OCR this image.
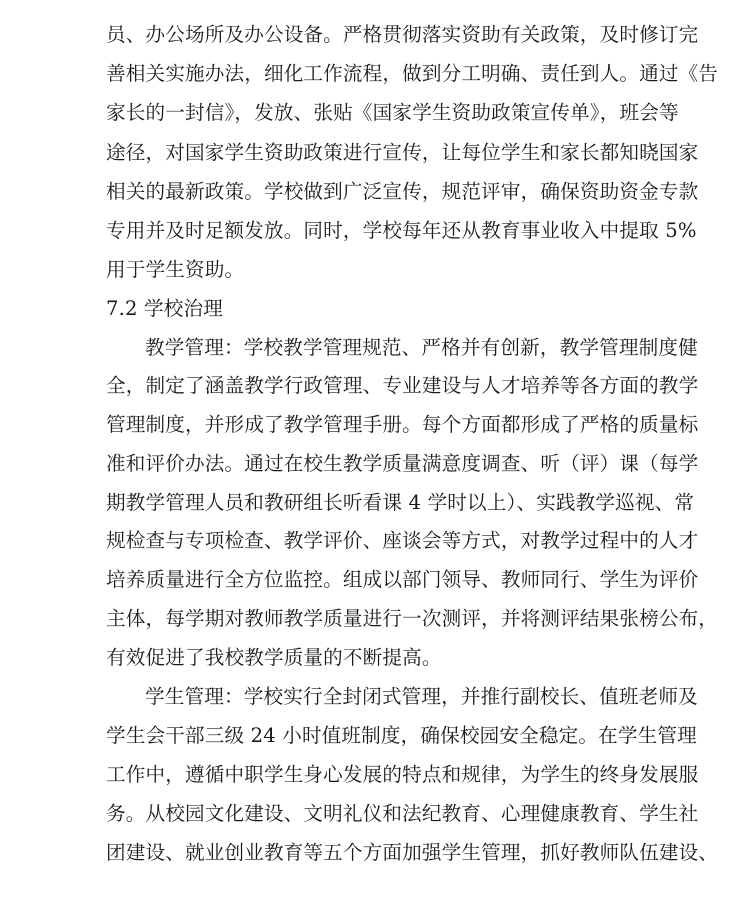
员、办公场所及办公设备。严格贯彻落实资助有关政策，及时修订完
善相关实施办法，细化工作流程，做到分工明确、责任到人。通过《告
家长的一封信》，发放、张贴《国家学生资助政策宣传单》，班会等
途径，对国家学生资助政策进行宣传，让每位学生和家长都知晓国家
相关的最新政策。学校做到广泛宣传，规范评审，确保资助资金专款
专用并及时足额发放。同时，学校每年还从教育事业收入中提取 5%
用于学生资助。
7.2 学校治理
教学管理：学校教学管理规范、严格并有创新，教学管理制度健
全，制定了涵盖教学行政管理、专业建设与人才培养等各方面的教学
管理制度，并形成了教学管理手册。每个方面都形成了严格的质量标
准和评价办法。通过在校生教学质量满意度调查、听（评）课（每学
期教学管理人员和教研组长听看课 4 学时以上）、实践教学巡视、常
规检查与专项检查、教学评价、座谈会等方式，对教学过程中的人才
培养质量进行全方位监控。组成以部门领导、教师同行、学生为评价
主体，每学期对教师教学质量进行一次测评，并将测评结果张榜公布，
有效促进了我校教学质量的不断提高。
学生管理：学校实行全封闭式管理，并推行副校长、值班老师及
学生会干部三级 24 小时值班制度，确保校园安全稳定。在学生管理
工作中，遵循中职学生身心发展的特点和规律，为学生的终身发展服
务。从校园文化建设、文明礼仪和法纪教育、心理健康教育、学生社
团建设、就业创业教育等五个方面加强学生管理，抓好教师队伍建设、
